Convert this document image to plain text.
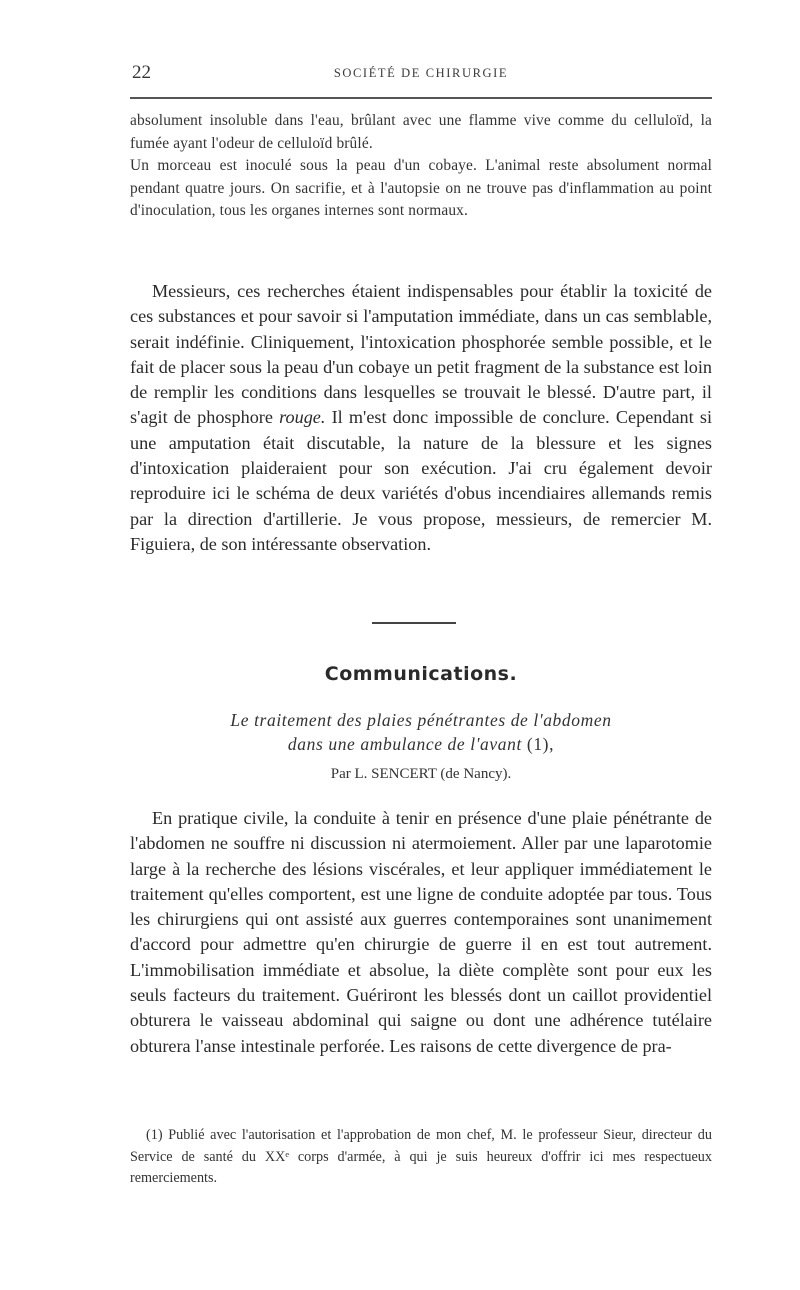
22	SOCIÉTÉ DE CHIRURGIE

absolument insoluble dans l'eau, brûlant avec une flamme vive comme du celluloïd, la fumée ayant l'odeur de celluloïd brûlé.

Un morceau est inoculé sous la peau d'un cobaye. L'animal reste absolument normal pendant quatre jours. On sacrifie, et à l'autopsie on ne trouve pas d'inflammation au point d'inoculation, tous les organes internes sont normaux.

Messieurs, ces recherches étaient indispensables pour établir la toxicité de ces substances et pour savoir si l'amputation immédiate, dans un cas semblable, serait indéfinie. Cliniquement, l'intoxication phosphorée semble possible, et le fait de placer sous la peau d'un cobaye un petit fragment de la substance est loin de remplir les conditions dans lesquelles se trouvait le blessé. D'autre part, il s'agit de phosphore rouge. Il m'est donc impossible de conclure. Cependant si une amputation était discutable, la nature de la blessure et les signes d'intoxication plaideraient pour son exécution. J'ai cru également devoir reproduire ici le schéma de deux variétés d'obus incendiaires allemands remis par la direction d'artillerie. Je vous propose, messieurs, de remercier M. Figuiera, de son intéressante observation.

Communications.
Le traitement des plaies pénétrantes de l'abdomen
dans une ambulance de l'avant (1),
Par L. SENCERT (de Nancy).

En pratique civile, la conduite à tenir en présence d'une plaie pénétrante de l'abdomen ne souffre ni discussion ni atermoiement. Aller par une laparotomie large à la recherche des lésions viscérales, et leur appliquer immédiatement le traitement qu'elles comportent, est une ligne de conduite adoptée par tous. Tous les chirurgiens qui ont assisté aux guerres contemporaines sont unanimement d'accord pour admettre qu'en chirurgie de guerre il en est tout autrement. L'immobilisation immédiate et absolue, la diète complète sont pour eux les seuls facteurs du traitement. Guériront les blessés dont un caillot providentiel obturera le vaisseau abdominal qui saigne ou dont une adhérence tutélaire obturera l'anse intestinale perforée. Les raisons de cette divergence de pra-

(1) Publié avec l'autorisation et l'approbation de mon chef, M. le professeur Sieur, directeur du Service de santé du XXᵉ corps d'armée, à qui je suis heureux d'offrir ici mes respectueux remerciements.
